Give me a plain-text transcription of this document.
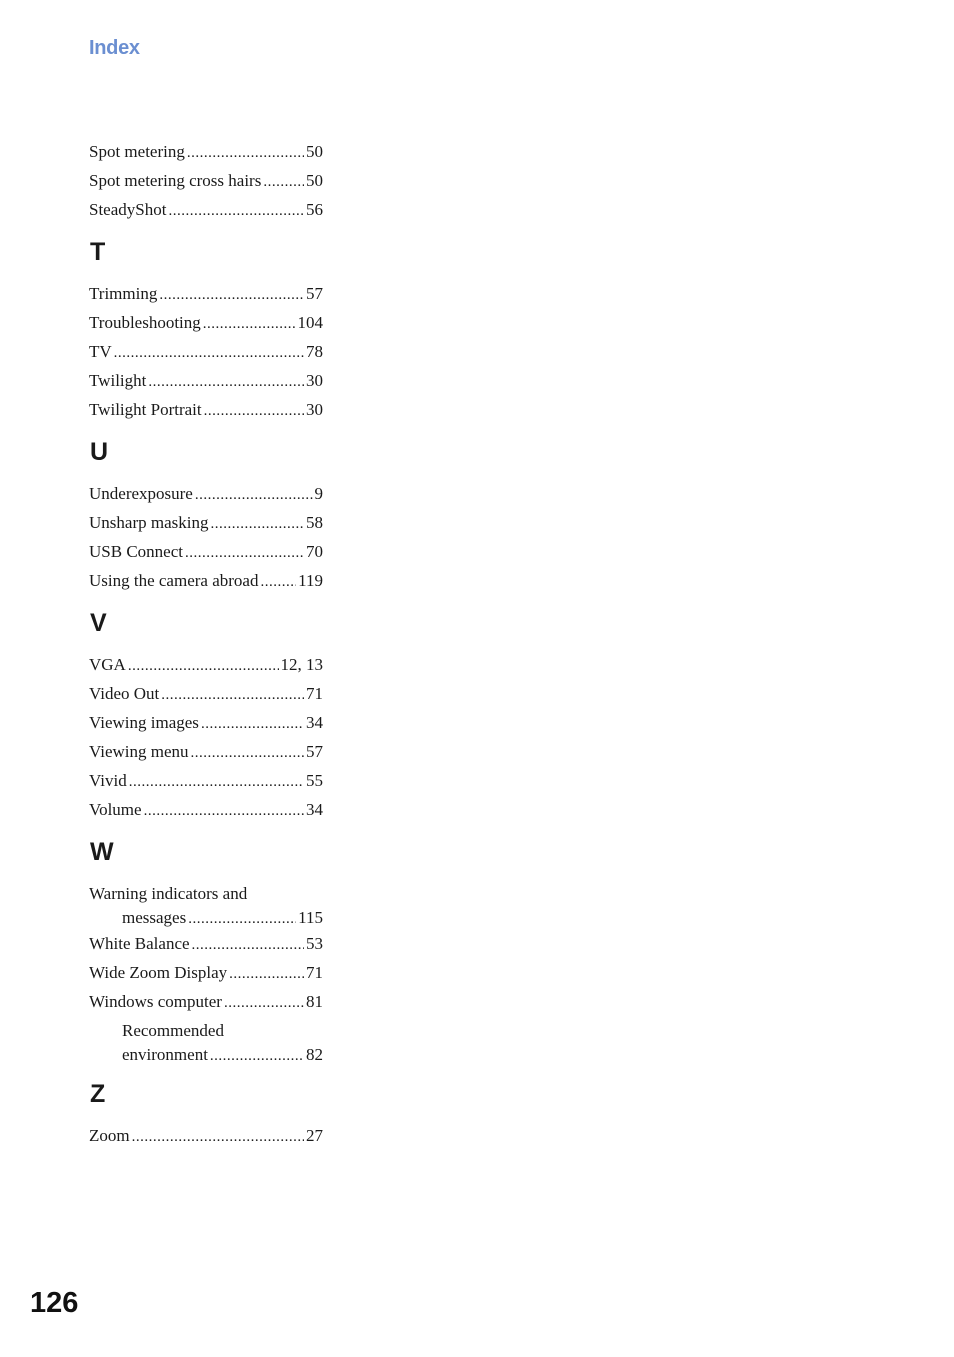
Index
Spot metering .....	50
Spot metering cross hairs .....	50
SteadyShot .....	56
T
Trimming .....	57
Troubleshooting .....	104
TV .....	78
Twilight .....	30
Twilight Portrait .....	30
U
Underexposure .....	9
Unsharp masking .....	58
USB Connect .....	70
Using the camera abroad ..... 119
V
VGA .....	12, 13
Video Out .....	71
Viewing images .....	34
Viewing menu .....	57
Vivid .....	55
Volume .....	34
W
Warning indicators and
messages .....	115
White Balance .....	53
Wide Zoom Display .....	71
Windows computer .....	81
Recommended
environment .....	82
Z
Zoom .....	27
126
